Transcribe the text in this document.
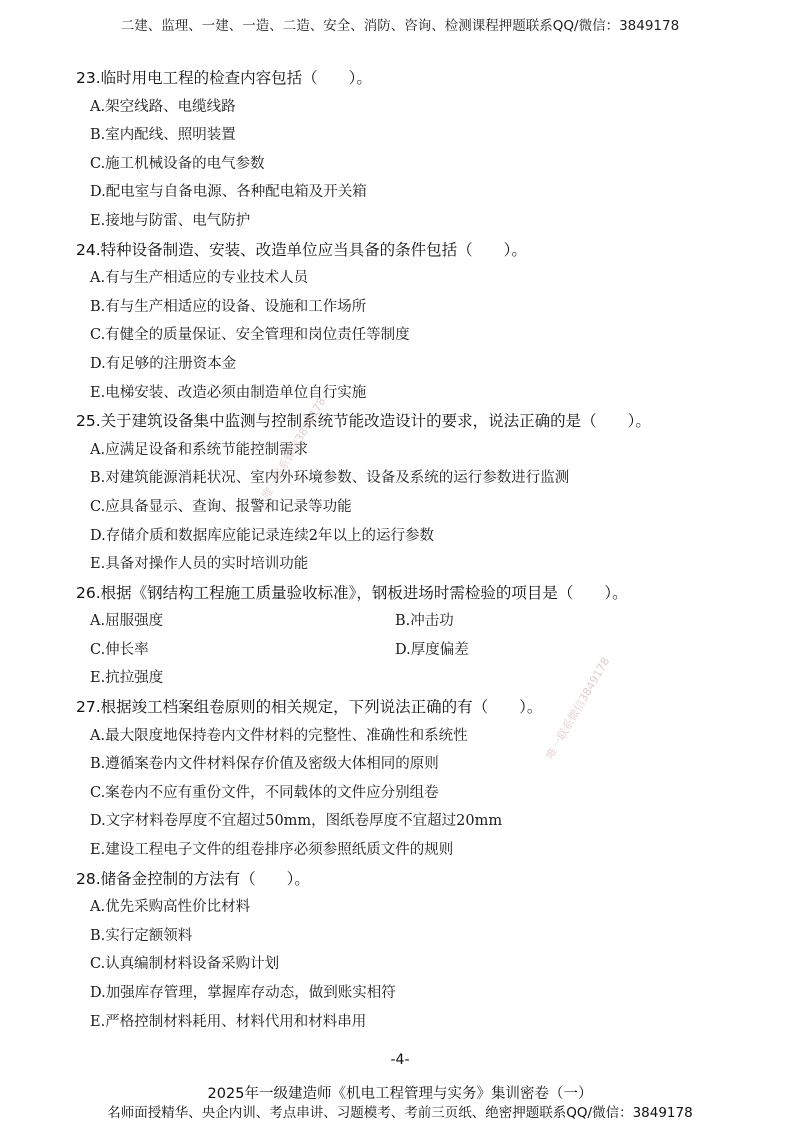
二建、监理、一建、一造、二造、安全、消防、咨询、检测课程押题联系QQ/微信：3849178
23.临时用电工程的检查内容包括（　　）。
A.架空线路、电缆线路
B.室内配线、照明装置
C.施工机械设备的电气参数
D.配电室与自备电源、各种配电箱及开关箱
E.接地与防雷、电气防护
24.特种设备制造、安装、改造单位应当具备的条件包括（　　）。
A.有与生产相适应的专业技术人员
B.有与生产相适应的设备、设施和工作场所
C.有健全的质量保证、安全管理和岗位责任等制度
D.有足够的注册资本金
E.电梯安装、改造必须由制造单位自行实施
25.关于建筑设备集中监测与控制系统节能改造设计的要求，说法正确的是（　　）。
A.应满足设备和系统节能控制需求
B.对建筑能源消耗状况、室内外环境参数、设备及系统的运行参数进行监测
C.应具备显示、查询、报警和记录等功能
D.存储介质和数据库应能记录连续2年以上的运行参数
E.具备对操作人员的实时培训功能
26.根据《钢结构工程施工质量验收标准》，钢板进场时需检验的项目是（　　）。
A.屈服强度	B.冲击功
C.伸长率	D.厚度偏差
E.抗拉强度
27.根据竣工档案组卷原则的相关规定，下列说法正确的有（　　）。
A.最大限度地保持卷内文件材料的完整性、准确性和系统性
B.遵循案卷内文件材料保存价值及密级大体相同的原则
C.案卷内不应有重份文件，不同载体的文件应分别组卷
D.文字材料卷厚度不宜超过50mm，图纸卷厚度不宜超过20mm
E.建设工程电子文件的组卷排序必须参照纸质文件的规则
28.储备金控制的方法有（　　）。
A.优先采购高性价比材料
B.实行定额领料
C.认真编制材料设备采购计划
D.加强库存管理，掌握库存动态，做到账实相符
E.严格控制材料耗用、材料代用和材料串用
唯一联系微信3849178
唯一联系微信3849178
-4-
2025年一级建造师《机电工程管理与实务》集训密卷（一）
名师面授精华、央企内训、考点串讲、习题模考、考前三页纸、绝密押题联系QQ/微信：3849178
